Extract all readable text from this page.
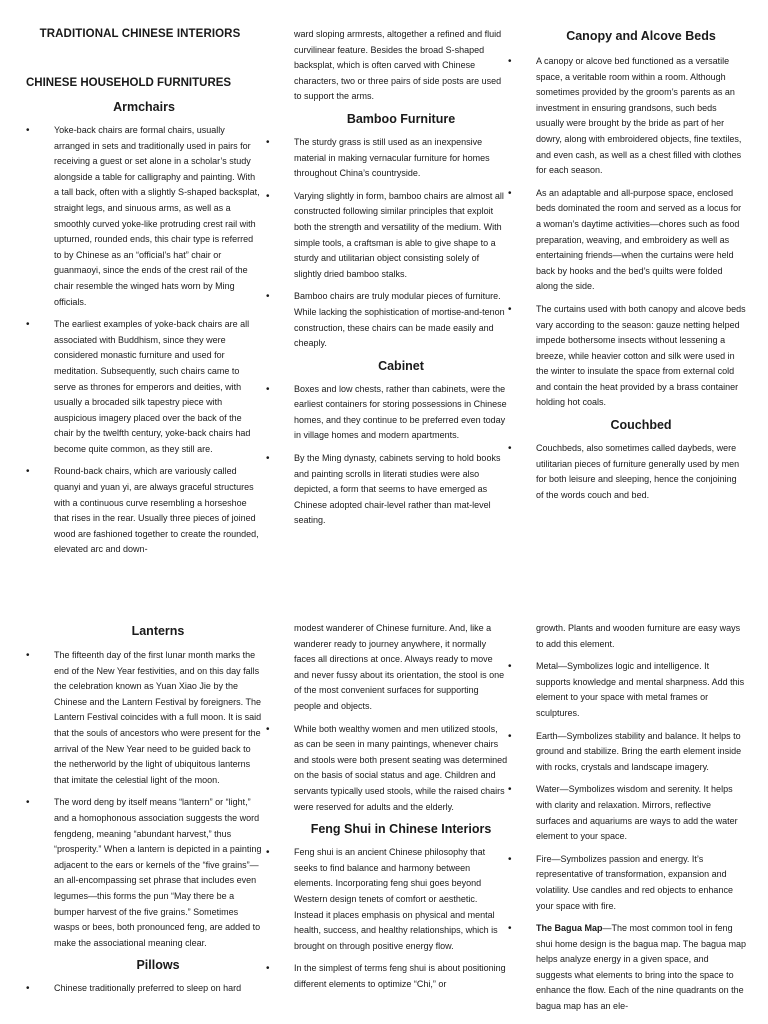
TRADITIONAL CHINESE INTERIORS
CHINESE HOUSEHOLD FURNITURES
Armchairs
• Yoke-back chairs are formal chairs, usually arranged in sets and traditionally used in pairs for receiving a guest or set alone in a scholar’s study alongside a table for calligraphy and painting. With a tall back, often with a slightly S-shaped backsplat, straight legs, and sinuous arms, as well as a smoothly curved yoke-like protruding crest rail with upturned, rounded ends, this chair type is referred to by Chinese as an “official’s hat” chair or guanmaoyi, since the ends of the crest rail of the chair resemble the winged hats worn by Ming officials.
• The earliest examples of yoke-back chairs are all associated with Buddhism, since they were considered monastic furniture and used for meditation. Subsequently, such chairs came to serve as thrones for emperors and deities, with usually a brocaded silk tapestry piece with auspicious imagery placed over the back of the chair by the twelfth century, yoke-back chairs had become quite common, as they still are.
• Round-back chairs, which are variously called quanyi and yuan yi, are always graceful structures with a continuous curve resembling a horseshoe that rises in the rear. Usually three pieces of joined wood are fashioned together to create the rounded, elevated arc and down-

ward sloping armrests, altogether a refined and fluid curvilinear feature. Besides the broad S-shaped backsplat, which is often carved with Chinese characters, two or three pairs of side posts are used to support the arms.

Bamboo Furniture
• The sturdy grass is still used as an inexpensive material in making vernacular furniture for homes throughout China’s countryside.
• Varying slightly in form, bamboo chairs are almost all constructed following similar principles that exploit both the strength and versatility of the medium. With simple tools, a craftsman is able to give shape to a sturdy and utilitarian object consisting solely of slightly dried bamboo stalks.
• Bamboo chairs are truly modular pieces of furniture. While lacking the sophistication of mortise-and-tenon construction, these chairs can be made easily and cheaply.
Cabinet
• Boxes and low chests, rather than cabinets, were the earliest containers for storing possessions in Chinese homes, and they continue to be preferred even today in village homes and modern apartments.
• By the Ming dynasty, cabinets serving to hold books and painting scrolls in literati studies were also depicted, a form that seems to have emerged as Chinese adopted chair-level rather than mat-level seating.
Canopy and Alcove Beds
• A canopy or alcove bed functioned as a versatile space, a veritable room within a room. Although sometimes provided by the groom’s parents as an investment in ensuring grandsons, such beds usually were brought by the bride as part of her dowry, along with embroidered objects, fine textiles, and even cash, as well as a chest filled with clothes for each season.
• As an adaptable and all-purpose space, enclosed beds dominated the room and served as a locus for a woman’s daytime activities—chores such as food preparation, weaving, and embroidery as well as entertaining friends—when the curtains were held back by hooks and the bed’s quilts were folded along the side.
• The curtains used with both canopy and alcove beds vary according to the season: gauze netting helped impede bothersome insects without lessening a breeze, while heavier cotton and silk were used in the winter to insulate the space from external cold and contain the heat provided by a brass container holding hot coals.
Couchbed
• Couchbeds, also sometimes called daybeds, were utilitarian pieces of furniture generally used by men for both leisure and sleeping, hence the conjoining of the words couch and bed.
Lanterns
• The fifteenth day of the first lunar month marks the end of the New Year festivities, and on this day falls the celebration known as Yuan Xiao Jie by the Chinese and the Lantern Festival by foreigners. The Lantern Festival coincides with a full moon. It is said that the souls of ancestors who were present for the arrival of the New Year need to be guided back to the netherworld by the light of ubiquitous lanterns that imitate the celestial light of the moon.
• The word deng by itself means “lantern” or “light,” and a homophonous association suggests the word fengdeng, meaning “abundant harvest,” thus “prosperity.” When a lantern is depicted in a painting adjacent to the ears or kernels of the “five grains”—an all-encompassing set phrase that includes even legumes—this forms the pun “May there be a bumper harvest of the five grains.” Sometimes wasps or bees, both pronounced feng, are added to make the associational meaning clear.
Pillows
• Chinese traditionally preferred to sleep on hard

modest wanderer of Chinese furniture. And, like a wanderer ready to journey anywhere, it normally faces all directions at once. Always ready to move and never fussy about its orientation, the stool is one of the most convenient surfaces for supporting people and objects.

• While both wealthy women and men utilized stools, as can be seen in many paintings, whenever chairs and stools were both present seating was determined on the basis of social status and age. Children and servants typically used stools, while the raised chairs were reserved for adults and the elderly.
Feng Shui in Chinese Interiors
• Feng shui is an ancient Chinese philosophy that seeks to find balance and harmony between elements. Incorporating feng shui goes beyond Western design tenets of comfort or aesthetic. Instead it places emphasis on physical and mental health, success, and healthy relationships, which is brought on through positive energy flow.
• In the simplest of terms feng shui is about positioning different elements to optimize “Chi,” or

growth. Plants and wooden furniture are easy ways to add this element.

• Metal—Symbolizes logic and intelligence. It supports knowledge and mental sharpness. Add this element to your space with metal frames or sculptures.
• Earth—Symbolizes stability and balance. It helps to ground and stabilize. Bring the earth element inside with rocks, crystals and landscape imagery.
• Water—Symbolizes wisdom and serenity. It helps with clarity and relaxation. Mirrors, reflective surfaces and aquariums are ways to add the water element to your space.
• Fire—Symbolizes passion and energy. It’s representative of transformation, expansion and volatility. Use candles and red objects to enhance your space with fire.
• The Bagua Map—The most common tool in feng shui home design is the bagua map. The bagua map helps analyze energy in a given space, and suggests what elements to bring into the space to enhance the flow. Each of the nine quadrants on the bagua map has an ele-
